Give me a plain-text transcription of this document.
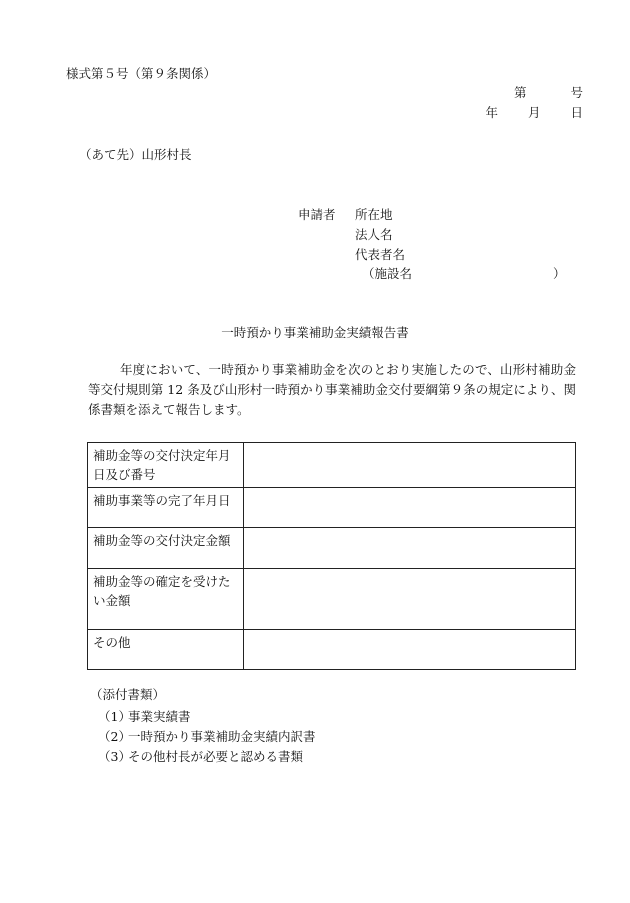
様式第５号（第９条関係）
第	号
年 月 日
（あて先）山形村長
申請者 所在地
法人名
代表者名
（施設名	）
一時預かり事業補助金実績報告書
年度において、一時預かり事業補助金を次のとおり実施したので、山形村補助金等交付規則第 12 条及び山形村一時預かり事業補助金交付要綱第９条の規定により、関係書類を添えて報告します。
補助金等の交付決定年月日及び番号	
補助事業等の完了年月日	
補助金等の交付決定金額	
補助金等の確定を受けたい金額	
その他	
（添付書類）
（1）事業実績書
（2）一時預かり事業補助金実績内訳書
（3）その他村長が必要と認める書類
